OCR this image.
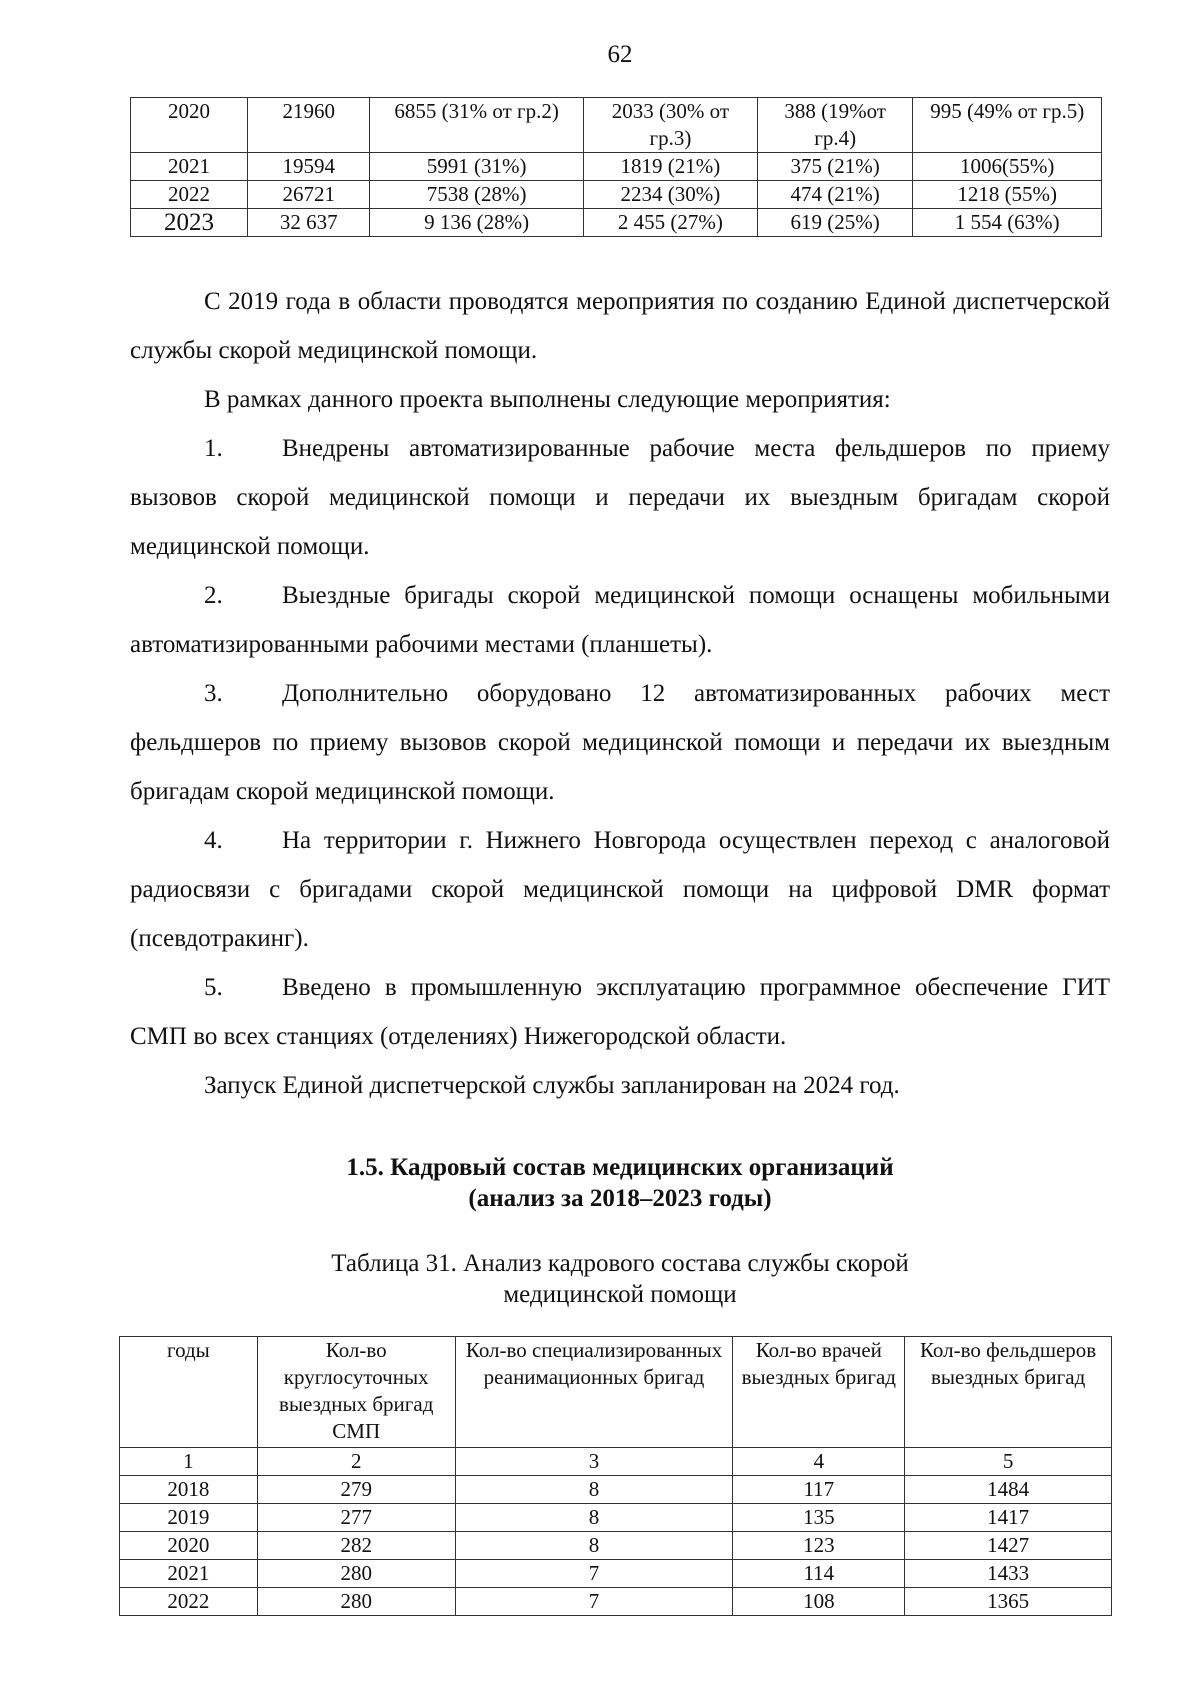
62
2020	21960	6855 (31% от гр.2)	2033 (30% от гр.3)	388 (19%от гр.4)	995 (49% от гр.5)
2021	19594	5991 (31%)	1819 (21%)	375 (21%)	1006(55%)
2022	26721	7538 (28%)	2234 (30%)	474 (21%)	1218 (55%)
2023	32 637	9 136 (28%)	2 455 (27%)	619 (25%)	1 554 (63%)

С 2019 года в области проводятся мероприятия по созданию Единой диспетчерской службы скорой медицинской помощи.

В рамках данного проекта выполнены следующие мероприятия:

1. Внедрены автоматизированные рабочие места фельдшеров по приему вызовов скорой медицинской помощи и передачи их выездным бригадам скорой медицинской помощи.

2. Выездные бригады скорой медицинской помощи оснащены мобильными автоматизированными рабочими местами (планшеты).

3. Дополнительно оборудовано 12 автоматизированных рабочих мест фельдшеров по приему вызовов скорой медицинской помощи и передачи их выездным бригадам скорой медицинской помощи.

4. На территории г. Нижнего Новгорода осуществлен переход с аналоговой радиосвязи с бригадами скорой медицинской помощи на цифровой DMR формат (псевдотракинг).

5. Введено в промышленную эксплуатацию программное обеспечение ГИТ СМП во всех станциях (отделениях) Нижегородской области.

Запуск Единой диспетчерской службы запланирован на 2024 год.

1.5. Кадровый состав медицинских организаций
(анализ за 2018–2023 годы)
Таблица 31. Анализ кадрового состава службы скорой
медицинской помощи
годы	Кол-во круглосуточных выездных бригад СМП	Кол-во специализированных реанимационных бригад	Кол-во врачей выездных бригад	Кол-во фельдшеров выездных бригад
1	2	3	4	5
2018	279	8	117	1484
2019	277	8	135	1417
2020	282	8	123	1427
2021	280	7	114	1433
2022	280	7	108	1365
